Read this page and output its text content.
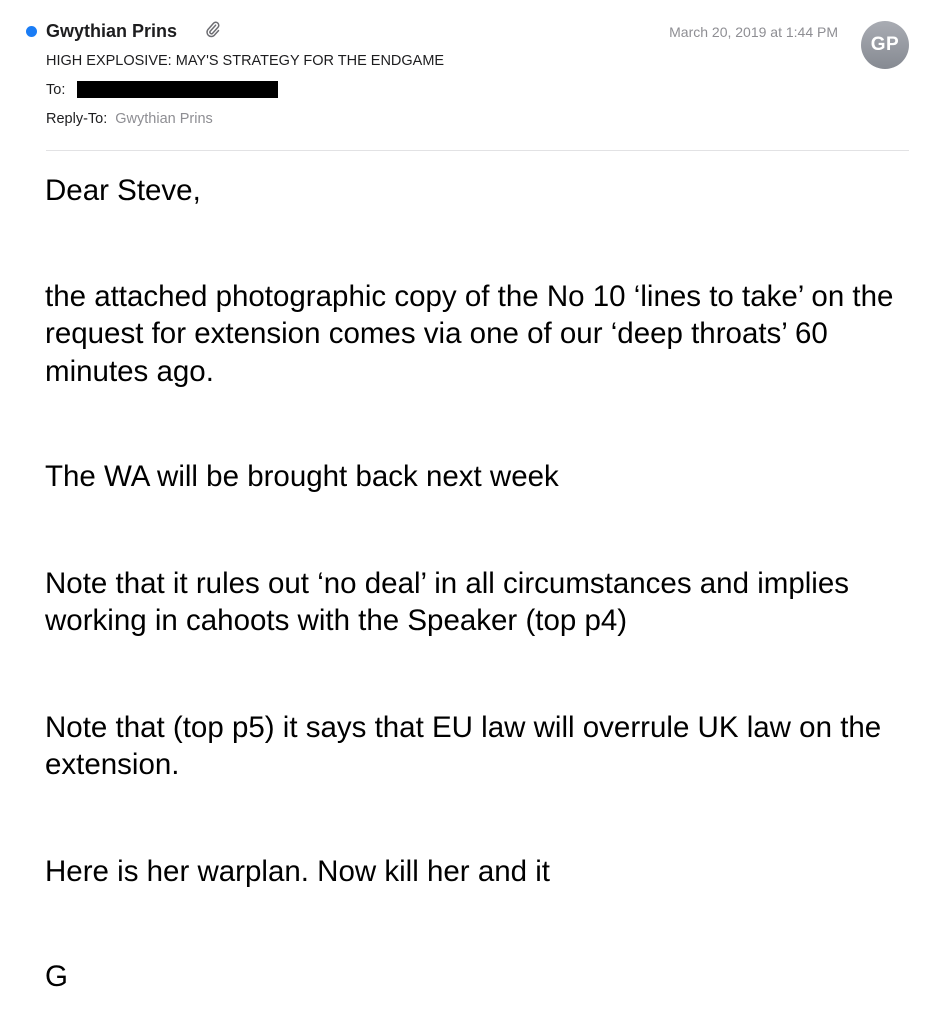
Gwythian Prins	March 20, 2019 at 1:44 PM
GP
HIGH EXPLOSIVE: MAY'S STRATEGY FOR THE ENDGAME
To:
Reply-To: Gwythian Prins

Dear Steve,

the attached photographic copy of the No 10 ‘lines to take’ on the request for extension comes via one of our ‘deep throats’ 60 minutes ago.

The WA will be brought back next week

Note that it rules out ‘no deal’ in all circumstances and implies working in cahoots with the Speaker (top p4)

Note that (top p5) it says that EU law will overrule UK law on the extension.

Here is her warplan. Now kill her and it

G
